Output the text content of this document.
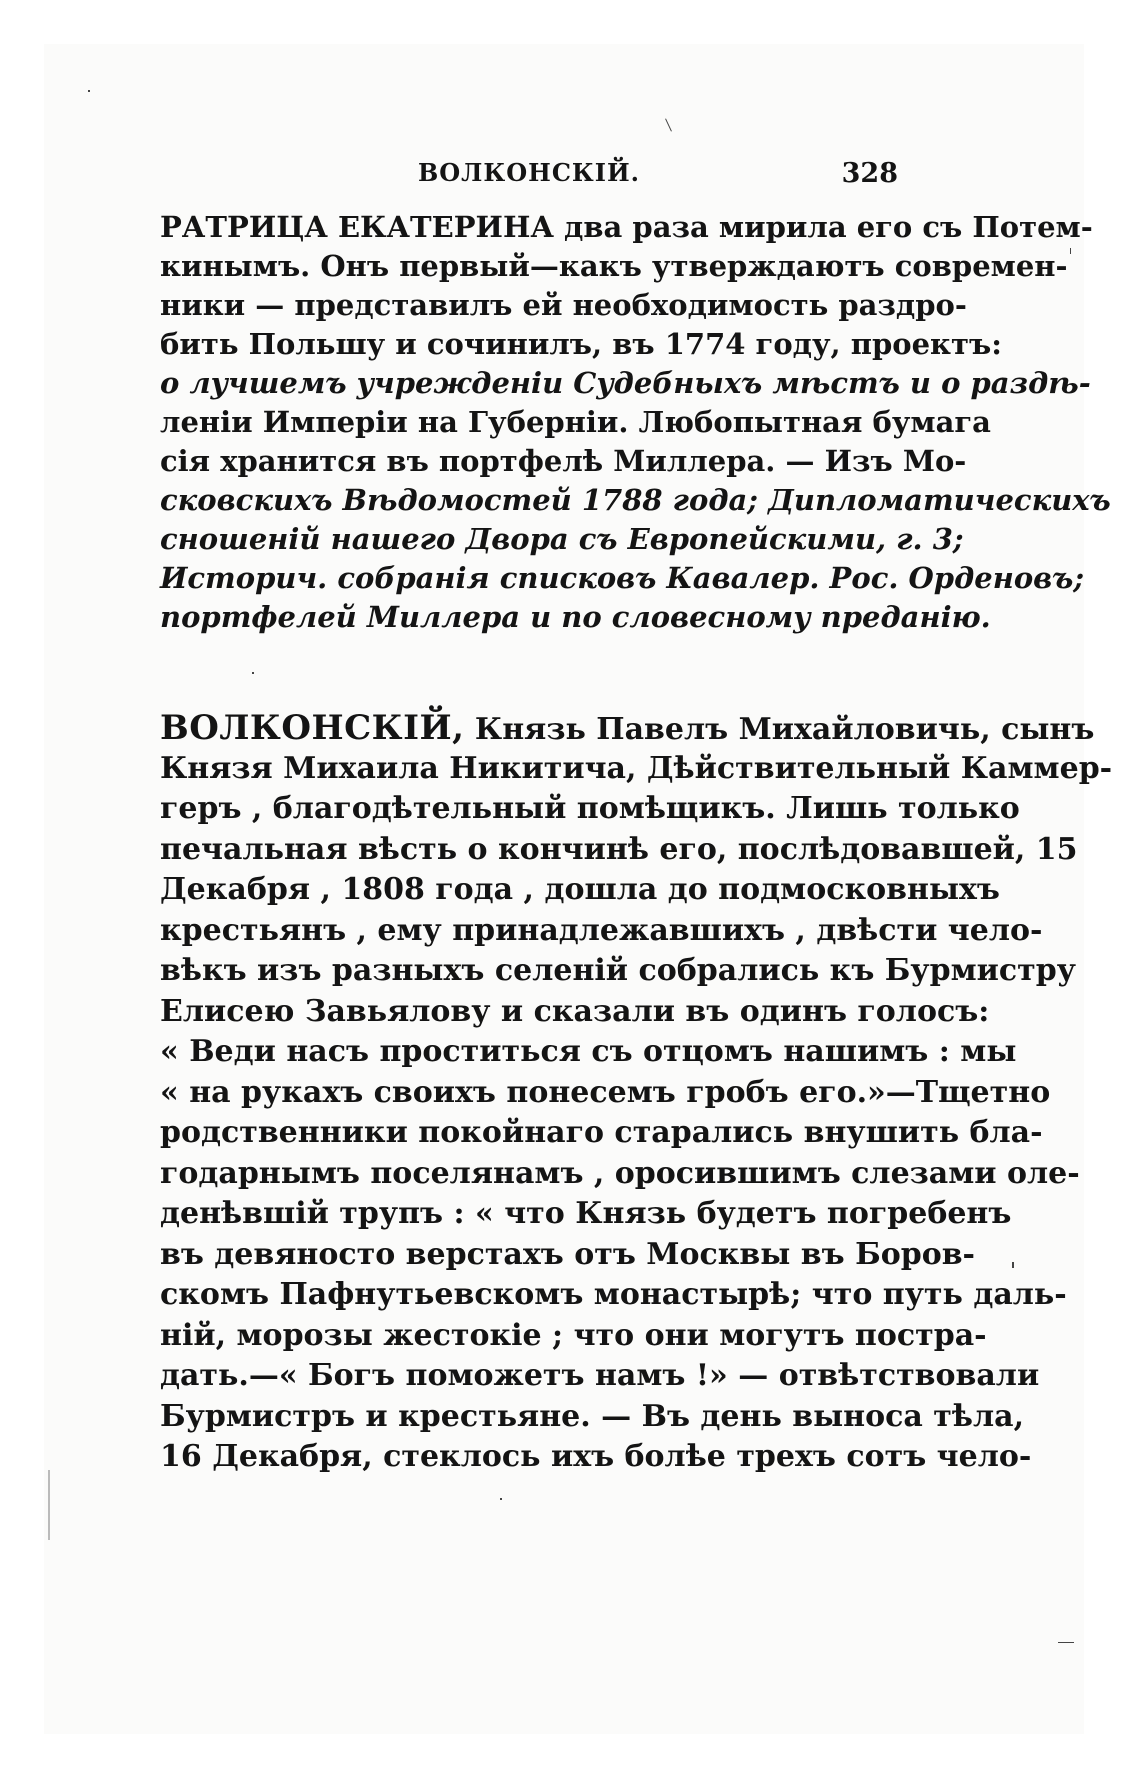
ВОЛКОНСКІЙ.	328
РАТРИЦА ЕКАТЕРИНА два раза мирила его съ Потем-
кинымъ. Онъ первый—какъ утверждаютъ современ-
ники — представилъ ей необходимость раздро-
бить Польшу и сочинилъ, въ 1774 году, проектъ:
о лучшемъ учрежденіи Судебныхъ мѣстъ и о раздѣ-
леніи Имперіи на Губерніи. Любопытная бумага
сія хранится въ портфелѣ Миллера. — Изъ Мо-
сковскихъ Вѣдомостей 1788 года; Дипломатическихъ
сношеній нашего Двора съ Европейскими, г. 3;
Историч. собранія списковъ Кавалер. Рос. Орденовъ;
портфелей Миллера и по словесному преданію.
ВОЛКОНСКІЙ, Князь Павелъ Михайловичь, сынъ
Князя Михаила Никитича, Дѣйствительный Каммер-
геръ , благодѣтельный помѣщикъ. Лишь только
печальная вѣсть о кончинѣ его, послѣдовавшей, 15
Декабря , 1808 года , дошла до подмосковныхъ
крестьянъ , ему принадлежавшихъ , двѣсти чело-
вѣкъ изъ разныхъ селеній собрались къ Бурмистру
Елисею Завьялову и сказали въ одинъ голосъ:
« Веди насъ проститься съ отцомъ нашимъ : мы
« на рукахъ своихъ понесемъ гробъ его.»—Тщетно
родственники покойнаго старались внушить бла-
годарнымъ поселянамъ , оросившимъ слезами оле-
денѣвшій трупъ : « что Князь будетъ погребенъ
въ девяносто верстахъ отъ Москвы въ Боров-
скомъ Пафнутьевскомъ монастырѣ; что путь даль-
ній, морозы жестокіе ; что они могутъ постра-
дать.—« Богъ поможетъ намъ !» — отвѣтствовали
Бурмистръ и крестьяне. — Въ день выноса тѣла,
16 Декабря, стеклось ихъ болѣе трехъ сотъ чело-
